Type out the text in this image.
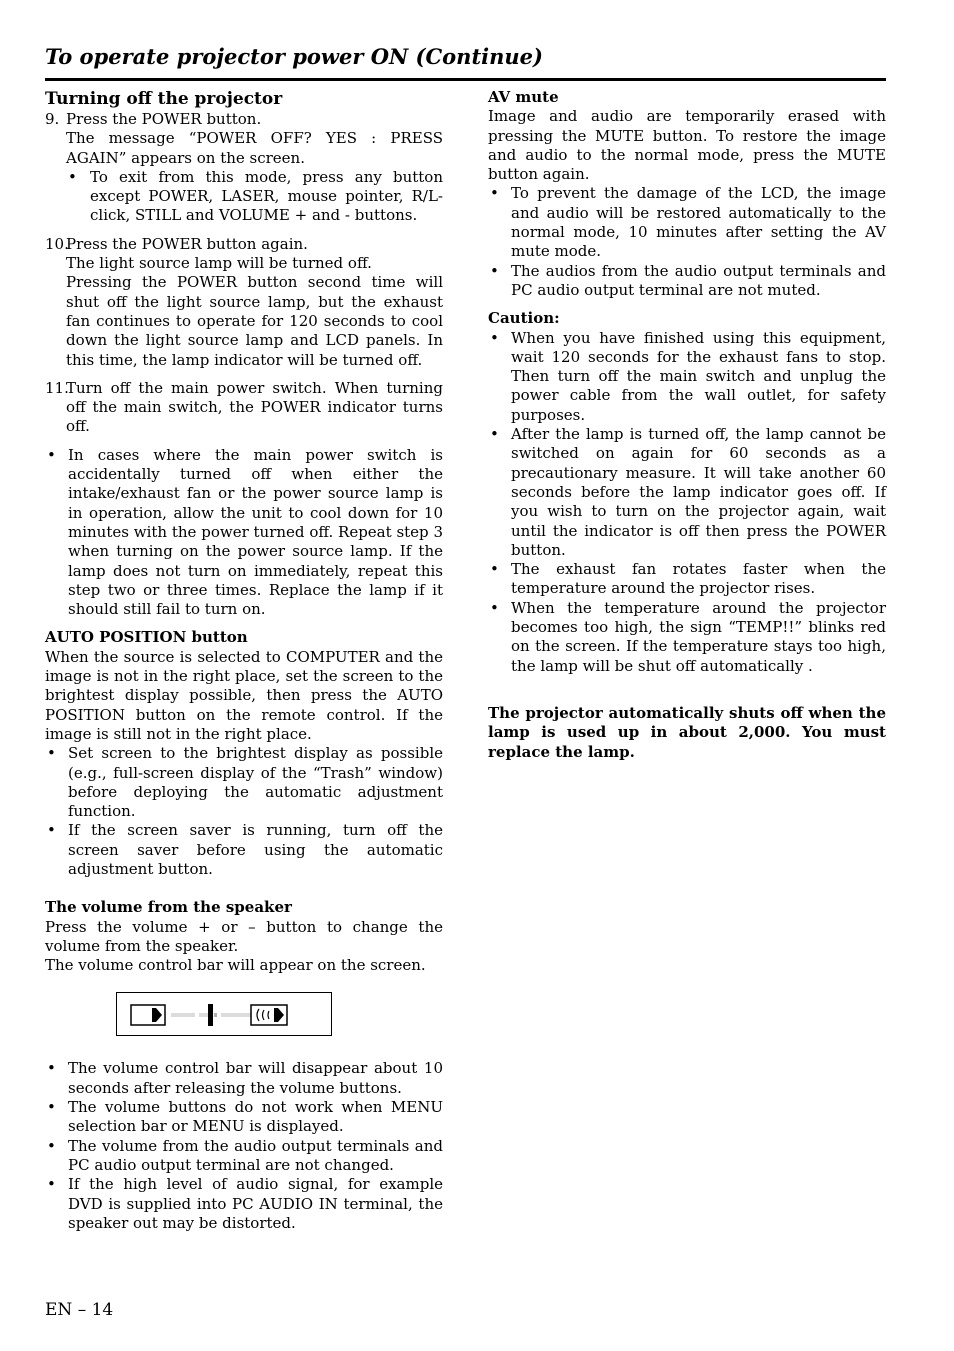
To operate projector power ON (Continue)
Turning off the projector
9. Press the POWER button.

The message “POWER OFF? YES : PRESS AGAIN” appears on the screen.

• To exit from this mode, press any button except POWER, LASER, mouse pointer, R/L-click, STILL and VOLUME + and - buttons.
10.

Press the POWER button again.

The light source lamp will be turned off.

Pressing the POWER button second time will shut off the light source lamp, but the exhaust fan continues to operate for 120 seconds to cool down the light source lamp and LCD panels. In this time, the lamp indicator will be turned off.

11.

Turn off the main power switch. When turning off the main switch, the POWER indicator turns off.

• In cases where the main power switch is accidentally turned off when either the intake/exhaust fan or the power source lamp is in operation, allow the unit to cool down for 10 minutes with the power turned off. Repeat step 3 when turning on the power source lamp. If the lamp does not turn on immediately, repeat this step two or three times. Replace the lamp if it should still fail to turn on.
AUTO POSITION button

When the source is selected to COMPUTER and the image is not in the right place, set the screen to the brightest display possible, then press the AUTO POSITION button on the remote control. If the image is still not in the right place.

• Set screen to the brightest display as possible (e.g., full-screen display of the “Trash” window) before deploying the automatic adjustment function.
• If the screen saver is running, turn off the screen saver before using the automatic adjustment button.
The volume from the speaker

Press the volume + or – button to change the volume from the speaker.

The volume control bar will appear on the screen.

• The volume control bar will disappear about 10 seconds after releasing the volume buttons.
• The volume buttons do not work when MENU selection bar or MENU is displayed.
• The volume from the audio output terminals and PC audio output terminal are not changed.
• If the high level of audio signal, for example DVD is supplied into PC AUDIO IN terminal, the speaker out may be distorted.
AV mute

Image and audio are temporarily erased with pressing the MUTE button. To restore the image and audio to the normal mode, press the MUTE button again.

• To prevent the damage of the LCD, the image and audio will be restored automatically to the normal mode, 10 minutes after setting the AV mute mode.
• The audios from the audio output terminals and PC audio output terminal are not muted.
Caution:
• When you have finished using this equipment, wait 120 seconds for the exhaust fans to stop. Then turn off the main switch and unplug the power cable from the wall outlet, for safety purposes.
• After the lamp is turned off, the lamp cannot be switched on again for 60 seconds as a precautionary measure. It will take another 60 seconds before the lamp indicator goes off. If you wish to turn on the projector again, wait until the indicator is off then press the POWER button.
• The exhaust fan rotates faster when the temperature around the projector rises.
• When the temperature around the projector becomes too high, the sign “TEMP!!” blinks red on the screen. If the temperature stays too high, the lamp will be shut off automatically .

The projector automatically shuts off when the lamp is used up in about 2,000. You must replace the lamp.

EN – 14
